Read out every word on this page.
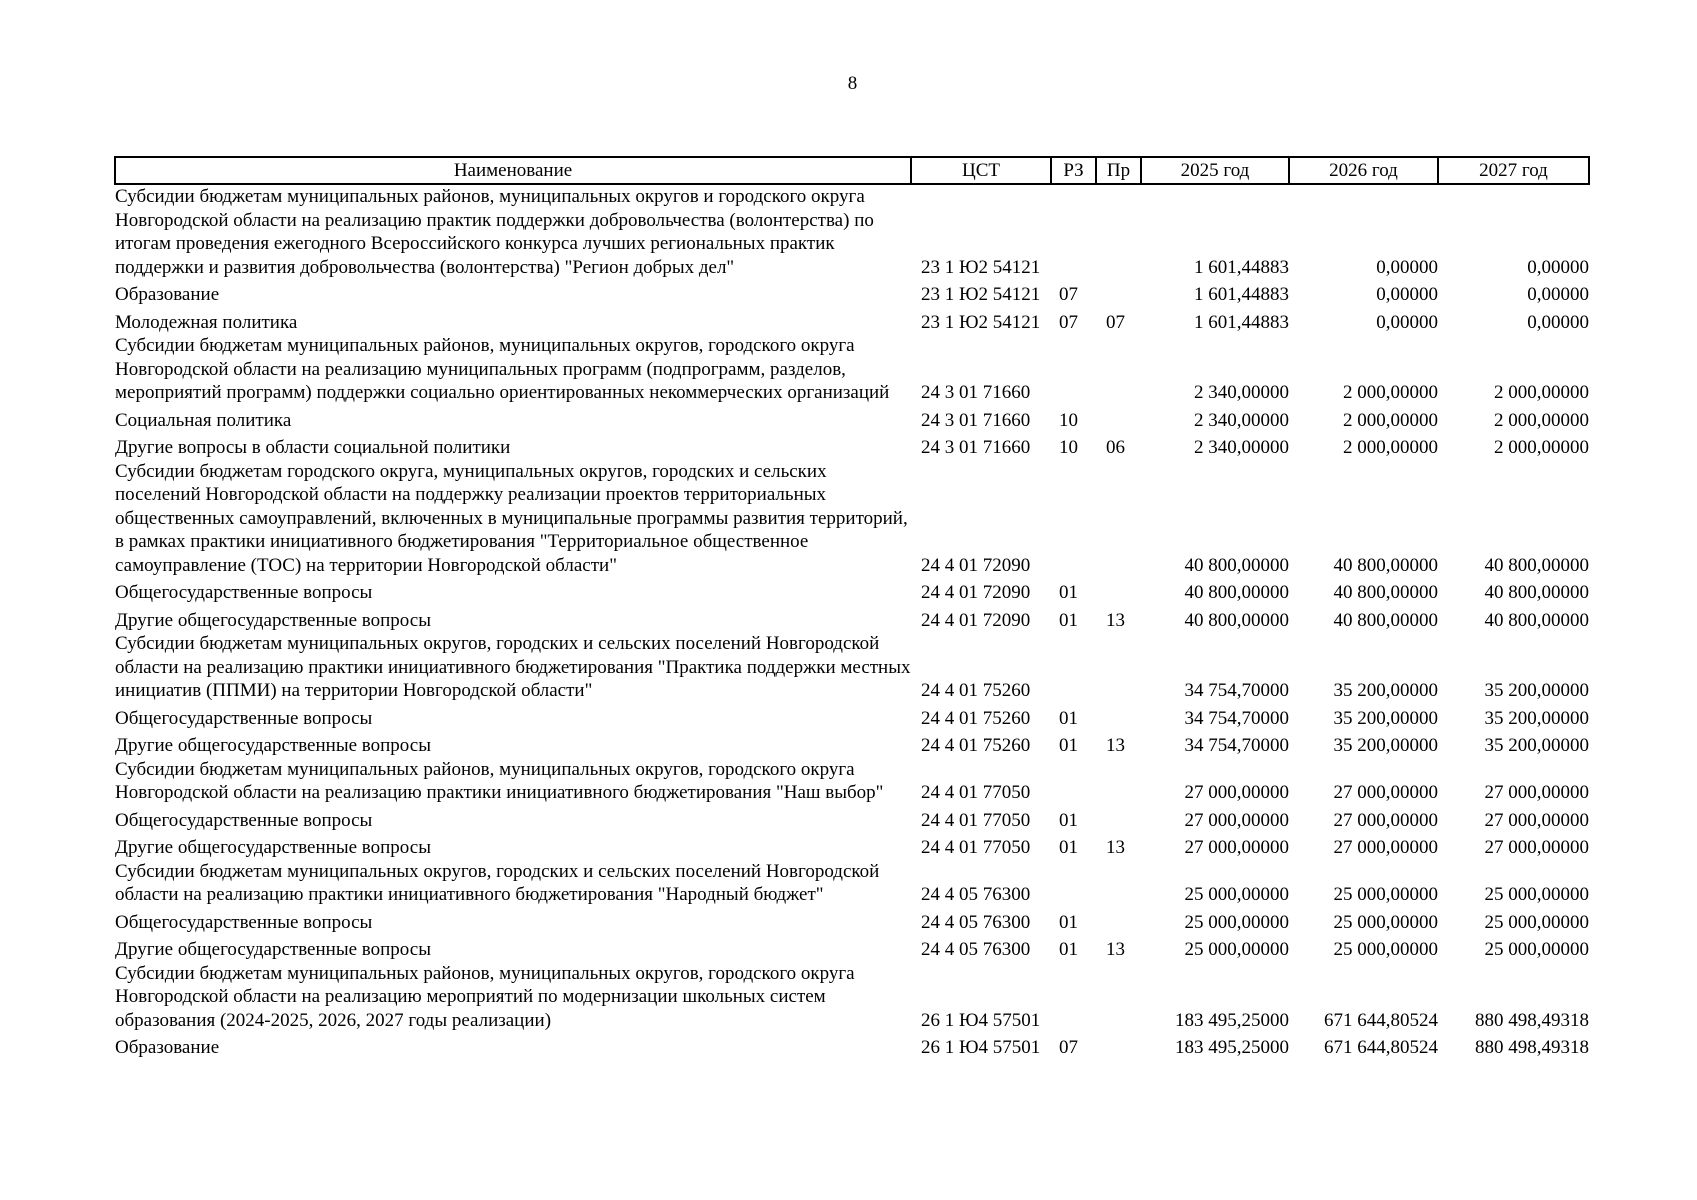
8
Наименование	ЦСТ	РЗ	Пр	2025 год	2026 год	2027 год
Субсидии бюджетам муниципальных районов, муниципальных округов и городского округа Новгородской области на реализацию практик поддержки добровольчества (волонтерства) по итогам проведения ежегодного Всероссийского конкурса лучших региональных практик поддержки и развития добровольчества (волонтерства) "Регион добрых дел"	23 1 Ю2 54121			1 601,44883	0,00000	0,00000
Образование	23 1 Ю2 54121	07		1 601,44883	0,00000	0,00000
Молодежная политика	23 1 Ю2 54121	07	07	1 601,44883	0,00000	0,00000
Субсидии бюджетам муниципальных районов, муниципальных округов, городского округа Новгородской области на реализацию муниципальных программ (подпрограмм, разделов, мероприятий программ) поддержки социально ориентированных некоммерческих организаций	24 3 01 71660			2 340,00000	2 000,00000	2 000,00000
Социальная политика	24 3 01 71660	10		2 340,00000	2 000,00000	2 000,00000
Другие вопросы в области социальной политики	24 3 01 71660	10	06	2 340,00000	2 000,00000	2 000,00000
Субсидии бюджетам городского округа, муниципальных округов, городских и сельских поселений Новгородской области на поддержку реализации проектов территориальных общественных самоуправлений, включенных в муниципальные программы развития территорий, в рамках практики инициативного бюджетирования "Территориальное общественное самоуправление (ТОС) на территории Новгородской области"	24 4 01 72090			40 800,00000	40 800,00000	40 800,00000
Общегосударственные вопросы	24 4 01 72090	01		40 800,00000	40 800,00000	40 800,00000
Другие общегосударственные вопросы	24 4 01 72090	01	13	40 800,00000	40 800,00000	40 800,00000
Субсидии бюджетам муниципальных округов, городских и сельских поселений Новгородской области на реализацию практики инициативного бюджетирования "Практика поддержки местных инициатив (ППМИ) на территории Новгородской области"	24 4 01 75260			34 754,70000	35 200,00000	35 200,00000
Общегосударственные вопросы	24 4 01 75260	01		34 754,70000	35 200,00000	35 200,00000
Другие общегосударственные вопросы	24 4 01 75260	01	13	34 754,70000	35 200,00000	35 200,00000
Субсидии бюджетам муниципальных районов, муниципальных округов, городского округа Новгородской области на реализацию практики инициативного бюджетирования "Наш выбор"	24 4 01 77050			27 000,00000	27 000,00000	27 000,00000
Общегосударственные вопросы	24 4 01 77050	01		27 000,00000	27 000,00000	27 000,00000
Другие общегосударственные вопросы	24 4 01 77050	01	13	27 000,00000	27 000,00000	27 000,00000
Субсидии бюджетам муниципальных округов, городских и сельских поселений Новгородской области на реализацию практики инициативного бюджетирования "Народный бюджет"	24 4 05 76300			25 000,00000	25 000,00000	25 000,00000
Общегосударственные вопросы	24 4 05 76300	01		25 000,00000	25 000,00000	25 000,00000
Другие общегосударственные вопросы	24 4 05 76300	01	13	25 000,00000	25 000,00000	25 000,00000
Субсидии бюджетам муниципальных районов, муниципальных округов, городского округа Новгородской области на реализацию мероприятий по модернизации школьных систем образования (2024-2025, 2026, 2027 годы реализации)	26 1 Ю4 57501			183 495,25000	671 644,80524	880 498,49318
Образование	26 1 Ю4 57501	07		183 495,25000	671 644,80524	880 498,49318
